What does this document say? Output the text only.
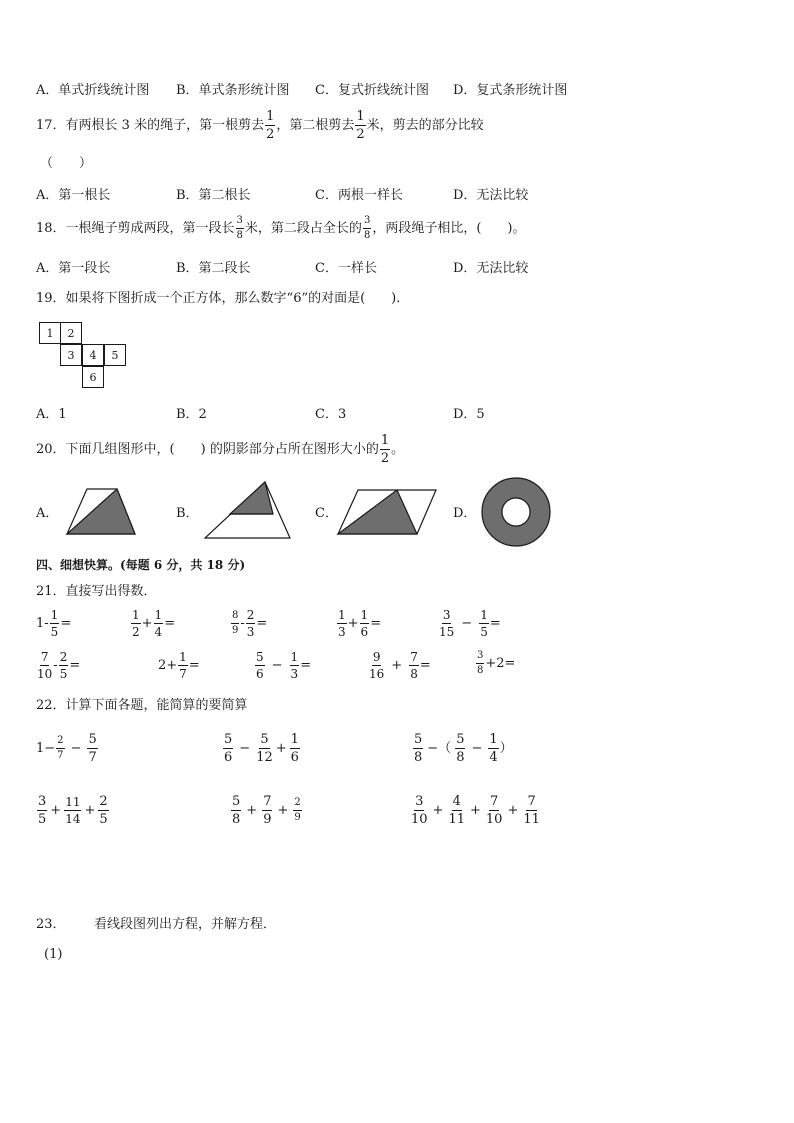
A．单式折线统计图 B．单式条形统计图 C．复式折线统计图 D．复式条形统计图
17．有两根长 3 米的绳子，第一根剪去 $\frac{1}{2}$ ，第二根剪去 $\frac{1}{2}$ 米，剪去的部分比较
（　　）
A．第一根长	B．第二根长	C．两根一样长	D．无法比较
18．一根绳子剪成两段，第一段长 $\frac{3}{8}$ 米，第二段占全长的 $\frac{3}{8}$ ，两段绳子相比，(　　)。
A．第一段长	B．第二段长	C．一样长	D．无法比较
19．如果将下图折成一个正方体，那么数字“6”的对面是(　　)．
1	2
3	4	5
6
A．1	B．2	C．3	D．5
20．下面几组图形中，(　　) 的阴影部分占所在图形大小的 $\frac{1}{2}$ 。
A．	B．	C．	D．
四、细想快算。(每题 6 分，共 18 分)
21．直接写出得数．
$1- \frac{1}{5}$ =	$\frac{1}{2} + \frac{1}{4}$ =	$\frac{8}{9} - \frac{2}{3}$ =	$\frac{1}{3} + \frac{1}{6}$ =	$\frac{3}{15} - \frac{1}{5}$ =
$\frac{7}{10} - \frac{2}{5}$ =	$2+ \frac{1}{7}$ =	$\frac{5}{6} - \frac{1}{3}$ =	$\frac{9}{16} + \frac{7}{8}$ =	$\frac{3}{8} +2=$
22．计算下面各题，能简算的要简算
$1- \frac{2}{7} - \frac{5}{7}$	$\frac{5}{6} - \frac{5}{12} + \frac{1}{6}$	$\frac{5}{8}$ −（ $\frac{5}{8} - \frac{1}{4}$ ）
$\frac{3}{5} + \frac{11}{14} + \frac{2}{5}$	$\frac{5}{8} + \frac{7}{9} + \frac{2}{9}$	$\frac{3}{10} + \frac{4}{11} + \frac{7}{10} + \frac{7}{11}$
23． 看线段图列出方程，并解方程．
(1)
